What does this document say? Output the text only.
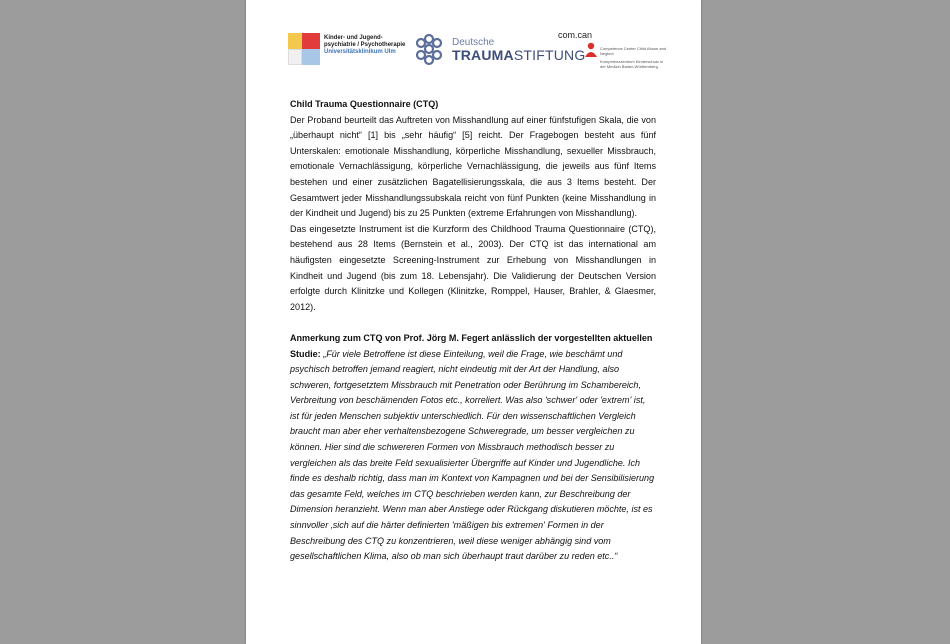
Kinder- und Jugend-
psychiatrie / Psychotherapie
Universitätsklinikum Ulm
Deutsche
TRAUMASTIFTUNG
com.can
Competence Center Child Abuse and Neglect
Kompetenzzentrum Kinderschutz in der Medizin Baden-Württemberg

Child Trauma Questionnaire (CTQ)

Der Proband beurteilt das Auftreten von Misshandlung auf einer fünfstufigen Skala, die von „überhaupt nicht“ [1] bis „sehr häufig“ [5] reicht. Der Fragebogen besteht aus fünf Unterskalen: emotionale Misshandlung, körperliche Misshandlung, sexueller Missbrauch, emotionale Vernachlässigung, körperliche Vernachlässigung, die jeweils aus fünf Items bestehen und einer zusätzlichen Bagatellisierungsskala, die aus 3 Items besteht. Der Gesamtwert jeder Misshandlungssubskala reicht von fünf Punkten (keine Misshandlung in der Kindheit und Jugend) bis zu 25 Punkten (extreme Erfahrungen von Misshandlung).

Das eingesetzte Instrument ist die Kurzform des Childhood Trauma Questionnaire (CTQ), bestehend aus 28 Items (Bernstein et al., 2003). Der CTQ ist das international am häufigsten eingesetzte Screening-Instrument zur Erhebung von Misshandlungen in Kindheit und Jugend (bis zum 18. Lebensjahr). Die Validierung der Deutschen Version erfolgte durch Klinitzke und Kollegen (Klinitzke, Romppel, Hauser, Brahler, & Glaesmer, 2012).

Anmerkung zum CTQ von Prof. Jörg M. Fegert anlässlich der vorgestellten aktuellen Studie: „Für viele Betroffene ist diese Einteilung, weil die Frage, wie beschämt und psychisch betroffen jemand reagiert, nicht eindeutig mit der Art der Handlung, also schweren, fortgesetztem Missbrauch mit Penetration oder Berührung im Schambereich, Verbreitung von beschämenden Fotos etc., korreliert. Was also 'schwer' oder 'extrem' ist, ist für jeden Menschen subjektiv unterschiedlich. Für den wissenschaftlichen Vergleich braucht man aber eher verhaltensbezogene Schweregrade, um besser vergleichen zu können. Hier sind die schwereren Formen von Missbrauch methodisch besser zu vergleichen als das breite Feld sexualisierter Übergriffe auf Kinder und Jugendliche. Ich finde es deshalb richtig, dass man im Kontext von Kampagnen und bei der Sensibilisierung das gesamte Feld, welches im CTQ beschrieben werden kann, zur Beschreibung der Dimension heranzieht. Wenn man aber Anstiege oder Rückgang diskutieren möchte, ist es sinnvoller ‚sich auf die härter definierten 'mäßigen bis extremen' Formen in der Beschreibung des CTQ zu konzentrieren, weil diese weniger abhängig sind vom gesellschaftlichen Klima, also ob man sich überhaupt traut darüber zu reden etc..“
